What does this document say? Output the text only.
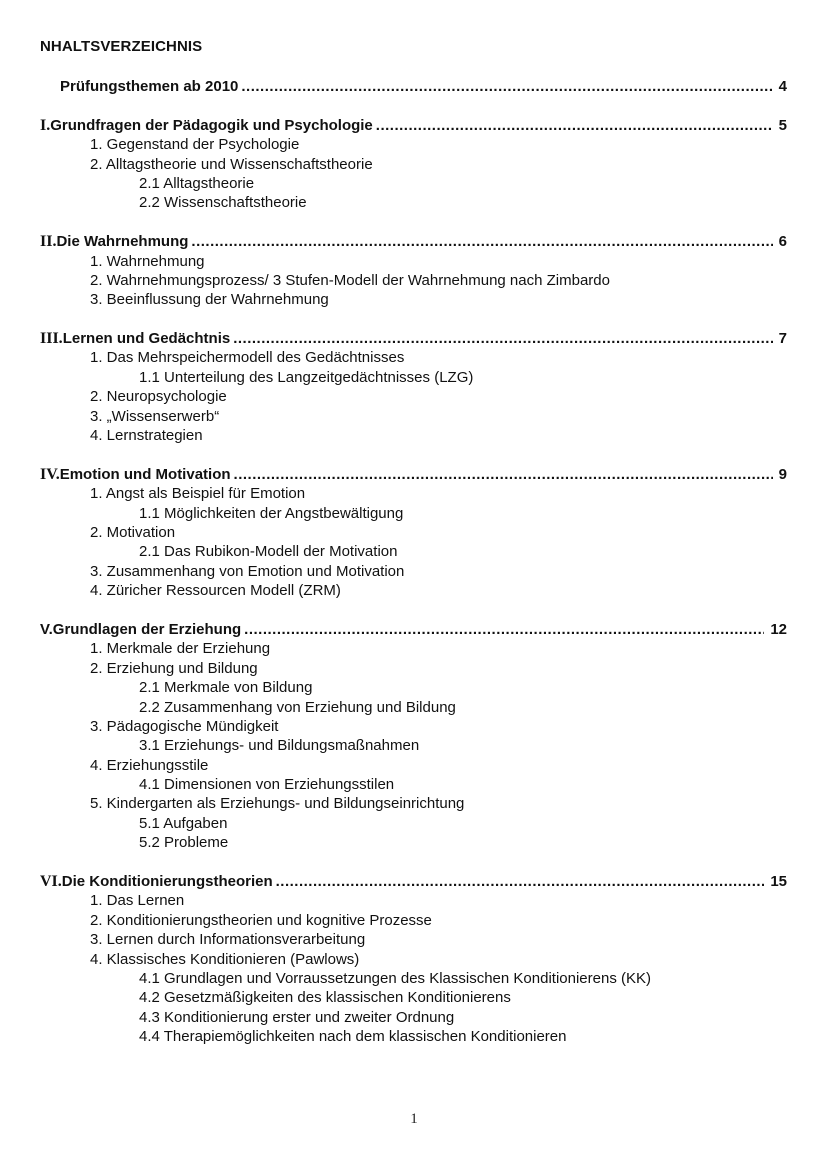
NHALTSVERZEICHNIS
Prüfungsthemen ab 2010 .....	4
I. Grundfragen der Pädagogik und Psychologie .....	5
1. Gegenstand der Psychologie
2. Alltagstheorie und Wissenschaftstheorie
2.1 Alltagstheorie
2.2 Wissenschaftstheorie
II. Die Wahrnehmung .....	6
1. Wahrnehmung
2. Wahrnehmungsprozess/ 3 Stufen-Modell der Wahrnehmung nach Zimbardo
3. Beeinflussung der Wahrnehmung
III. Lernen und Gedächtnis .....	7
1. Das Mehrspeichermodell des Gedächtnisses
1.1 Unterteilung des Langzeitgedächtnisses (LZG)
2. Neuropsychologie
3. „Wissenserwerb“
4. Lernstrategien
IV. Emotion und Motivation .....	9
1. Angst als Beispiel für Emotion
1.1 Möglichkeiten der Angstbewältigung
2. Motivation
2.1 Das Rubikon-Modell der Motivation
3. Zusammenhang von Emotion und Motivation
4. Züricher Ressourcen Modell (ZRM)
V. Grundlagen der Erziehung .....	12
1. Merkmale der Erziehung
2. Erziehung und Bildung
2.1 Merkmale von Bildung
2.2 Zusammenhang von Erziehung und Bildung
3. Pädagogische Mündigkeit
3.1 Erziehungs- und Bildungsmaßnahmen
4. Erziehungsstile
4.1 Dimensionen von Erziehungsstilen
5. Kindergarten als Erziehungs- und Bildungseinrichtung
5.1 Aufgaben
5.2 Probleme
VI. Die Konditionierungstheorien .....	15
1. Das Lernen
2. Konditionierungstheorien und kognitive Prozesse
3. Lernen durch Informationsverarbeitung
4. Klassisches Konditionieren (Pawlows)
4.1 Grundlagen und Vorraussetzungen des Klassischen Konditionierens (KK)
4.2 Gesetzmäßigkeiten des klassischen Konditionierens
4.3 Konditionierung erster und zweiter Ordnung
4.4 Therapiemöglichkeiten nach dem klassischen Konditionieren
1
